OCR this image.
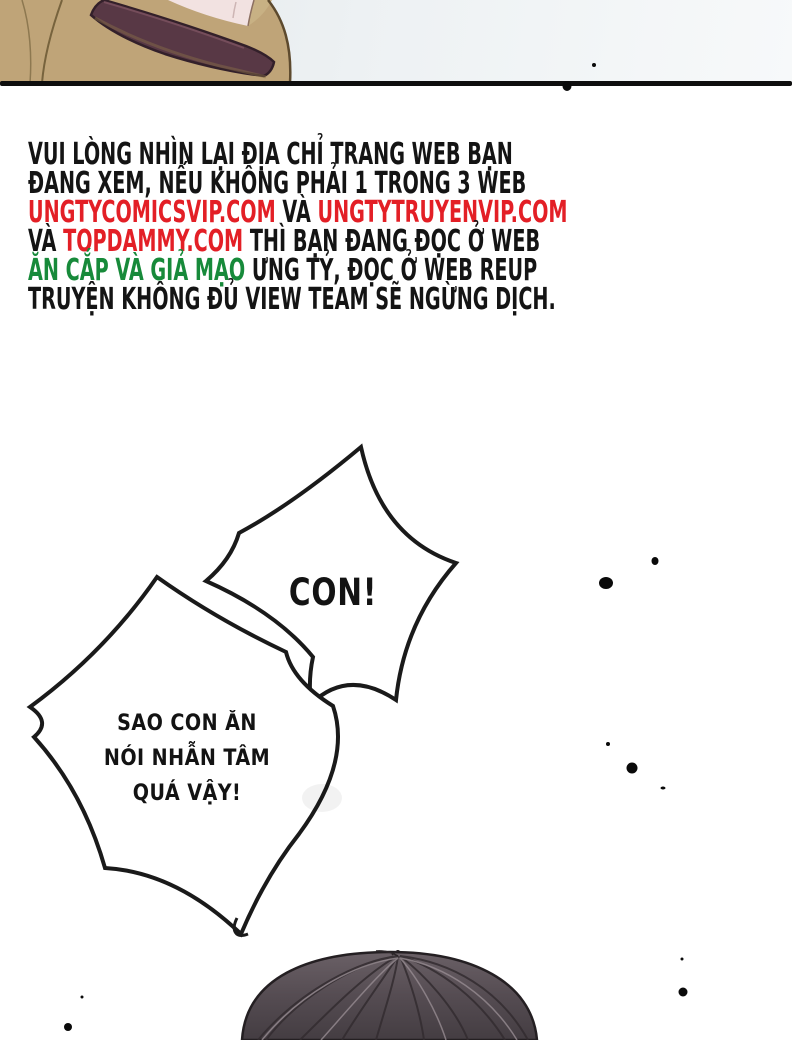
VUI LÒNG NHÌN LẠI ĐỊA CHỈ TRANG WEB BẠN
ĐANG XEM, NẾU KHÔNG PHẢI 1 TRONG 3 WEB
UNGTYCOMICSVIP.COM VÀ UNGTYTRUYENVIP.COM
VÀ TOPDAMMY.COM THÌ BẠN ĐANG ĐỌC Ở WEB
ĂN CẮP VÀ GIẢ MẠO ƯNG TỶ, ĐỌC Ở WEB REUP
TRUYỆN KHÔNG ĐỦ VIEW TEAM SẼ NGỪNG DỊCH.
CON!
SAO CON ĂN
NÓI NHẪN TÂM
QUÁ VẬY!
